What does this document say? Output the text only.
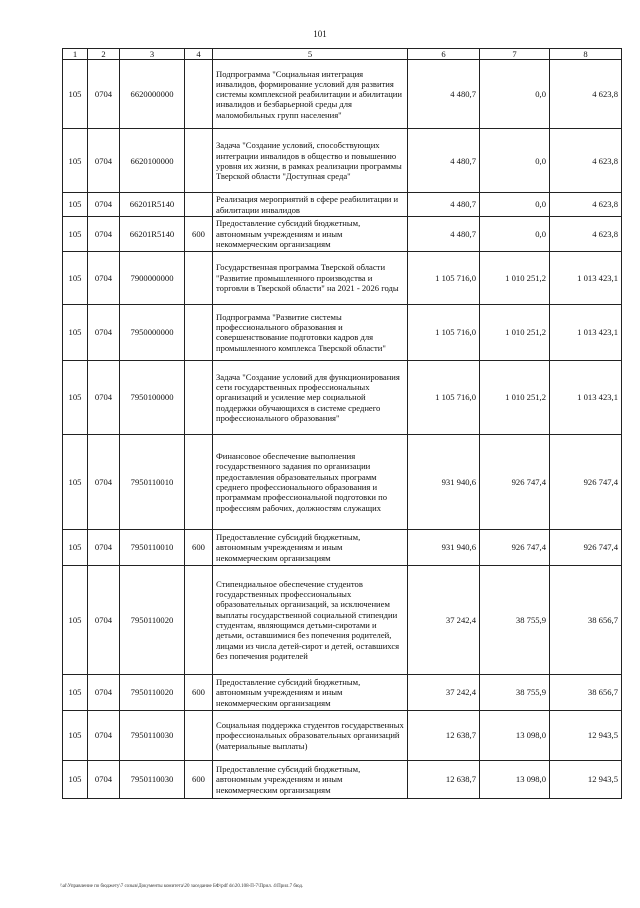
101
1	2	3	4	5	6	7	8
105	0704	6620000000		Подпрограмма "Социальная интеграция инвалидов, формирование условий для развития системы комплексной реабилитации и абилитации инвалидов и безбарьерной среды для маломобильных групп населения"	4 480,7	0,0	4 623,8
105	0704	6620100000		Задача "Создание условий, способствующих интеграции инвалидов в общество и повышению уровня их жизни, в рамках реализации программы Тверской области "Доступная среда"	4 480,7	0,0	4 623,8
105	0704	66201R5140		Реализация мероприятий в сфере реабилитации и абилитации инвалидов	4 480,7	0,0	4 623,8
105	0704	66201R5140	600	Предоставление субсидий бюджетным, автономным учреждениям и иным некоммерческим организациям	4 480,7	0,0	4 623,8
105	0704	7900000000		Государственная программа Тверской области "Развитие промышленного производства и торговли в Тверской области" на 2021 - 2026 годы	1 105 716,0	1 010 251,2	1 013 423,1
105	0704	7950000000		Подпрограмма "Развитие системы профессионального образования и совершенствование подготовки кадров для промышленного комплекса Тверской области"	1 105 716,0	1 010 251,2	1 013 423,1
105	0704	7950100000		Задача "Создание условий для функционирования сети государственных профессиональных организаций и усиление мер социальной поддержки обучающихся в системе среднего профессионального образования"	1 105 716,0	1 010 251,2	1 013 423,1
105	0704	7950110010		Финансовое обеспечение выполнения государственного задания по организации предоставления образовательных программ среднего профессионального образования и программам профессиональной подготовки по профессиям рабочих, должностям служащих	931 940,6	926 747,4	926 747,4
105	0704	7950110010	600	Предоставление субсидий бюджетным, автономным учреждениям и иным некоммерческим организациям	931 940,6	926 747,4	926 747,4
105	0704	7950110020		Стипендиальное обеспечение студентов государственных профессиональных образовательных организаций, за исключением выплаты государственной социальной стипендии студентам, являющимся детьми-сиротами и детьми, оставшимися без попечения родителей, лицами из числа детей-сирот и детей, оставшихся без попечения родителей	37 242,4	38 755,9	38 656,7
105	0704	7950110020	600	Предоставление субсидий бюджетным, автономным учреждениям и иным некоммерческим организациям	37 242,4	38 755,9	38 656,7
105	0704	7950110030		Социальная поддержка студентов государственных профессиональных образовательных организаций (материальные выплаты)	12 638,7	13 098,0	12 943,5
105	0704	7950110030	600	Предоставление субсидий бюджетным, автономным учреждениям и иным некоммерческим организациям	12 638,7	13 098,0	12 943,5
\\al\Управление по бюджету\7 созыв\Документы комитета\20 заседание БФ\pdf ds\20.108-П-7\Прил. 4\Прил.7 бюд.
